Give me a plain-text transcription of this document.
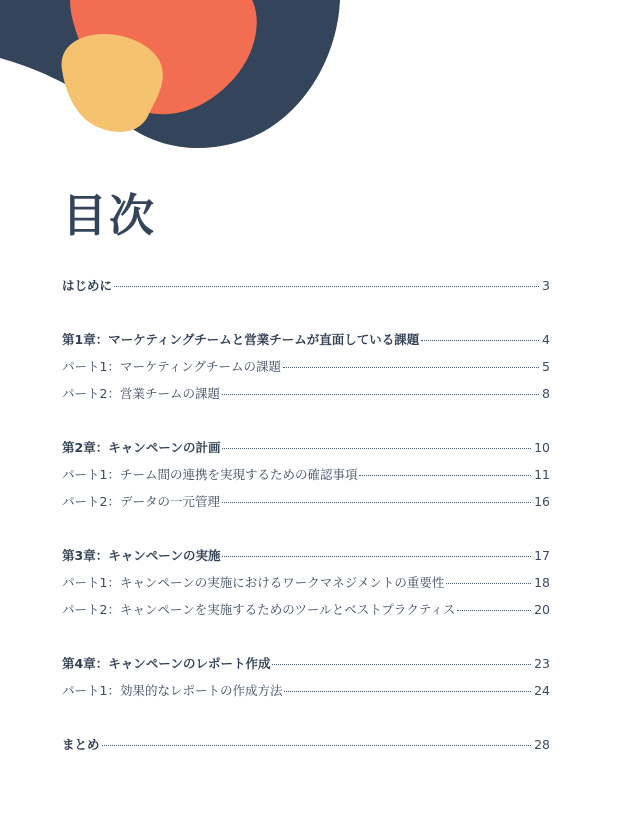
目次
はじめに	3
第1章：マーケティングチームと営業チームが直面している課題	4
パート1：マーケティングチームの課題	5
パート2：営業チームの課題	8
第2章：キャンペーンの計画	10
パート1：チーム間の連携を実現するための確認事項	11
パート2：データの一元管理	16
第3章：キャンペーンの実施	17
パート1：キャンペーンの実施におけるワークマネジメントの重要性	18
パート2：キャンペーンを実施するためのツールとベストプラクティス	20
第4章：キャンペーンのレポート作成	23
パート1：効果的なレポートの作成方法	24
まとめ	28
